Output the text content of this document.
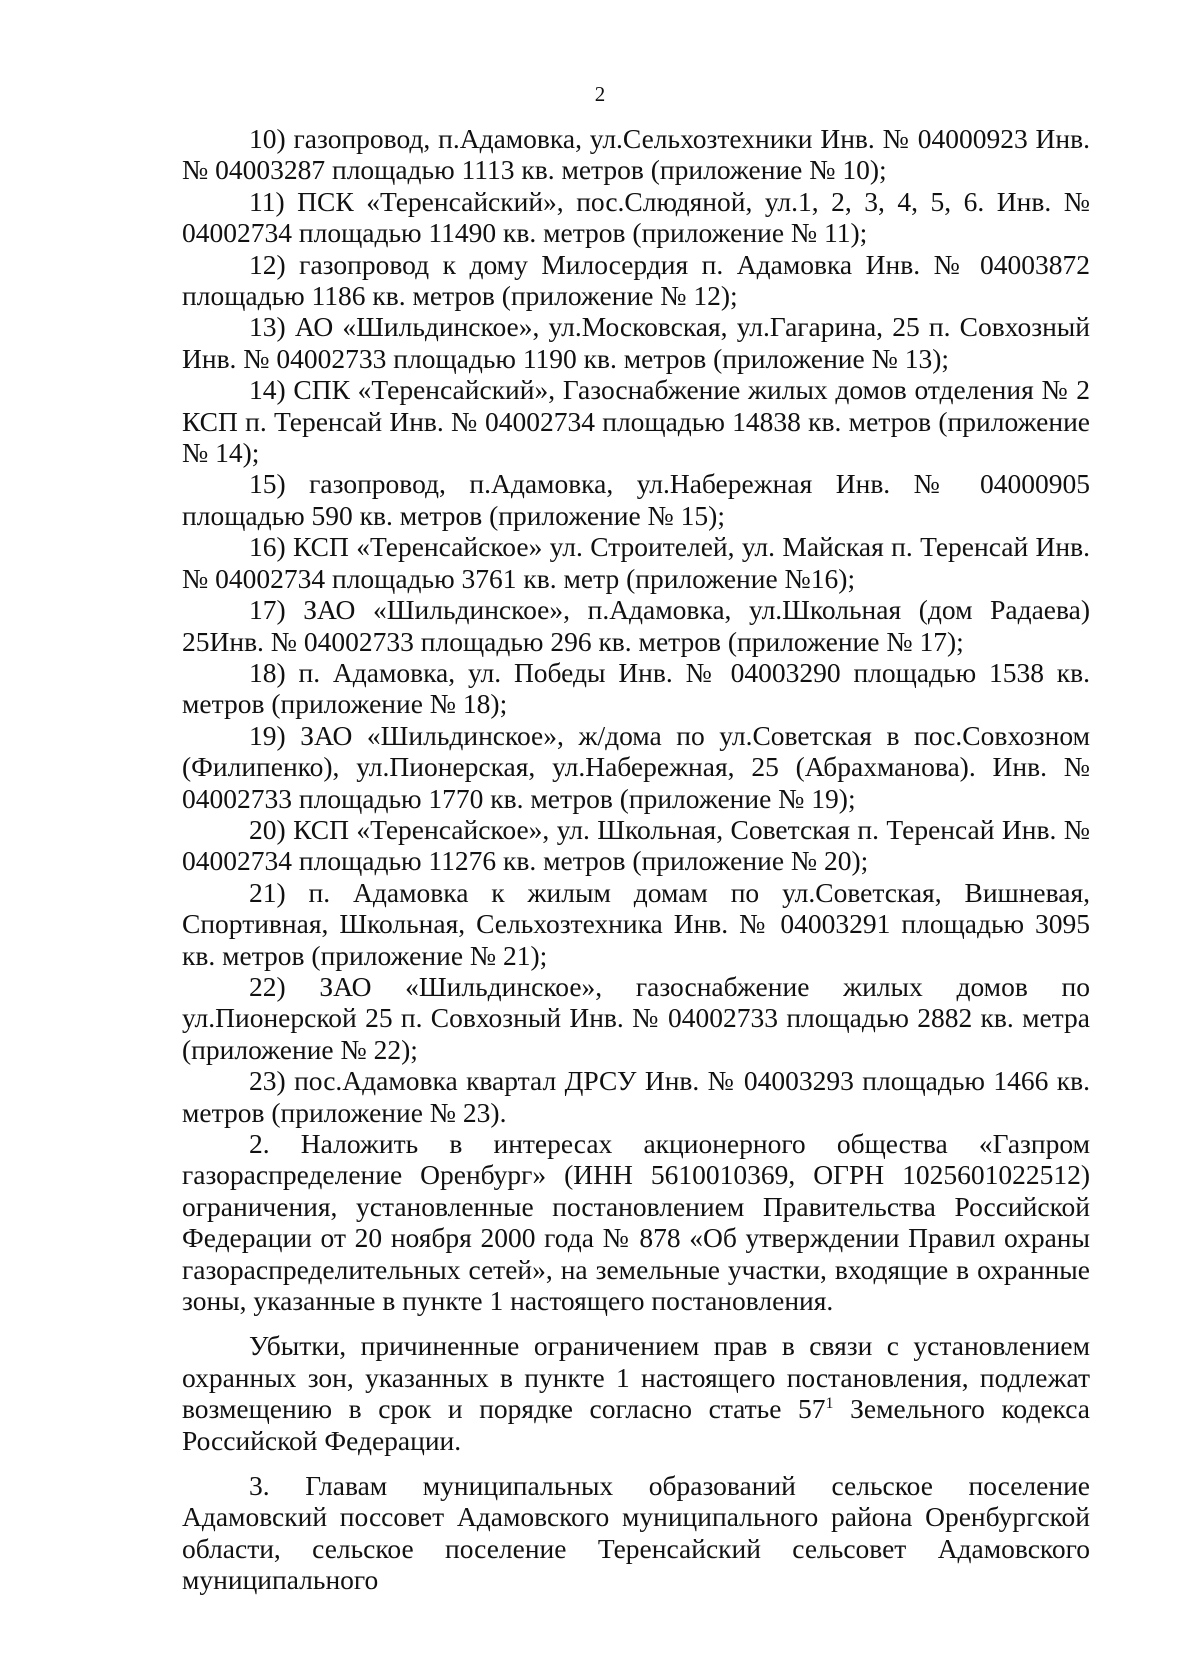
2

10) газопровод, п.Адамовка, ул.Сельхозтехники Инв. № 04000923 Инв. № 04003287 площадью 1113 кв. метров (приложение № 10);

11) ПСК «Теренсайский», пос.Слюдяной, ул.1, 2, 3, 4, 5, 6. Инв. № 04002734 площадью 11490 кв. метров (приложение № 11);

12) газопровод к дому Милосердия п. Адамовка Инв. № 04003872 площадью 1186 кв. метров (приложение № 12);

13) АО «Шильдинское», ул.Московская, ул.Гагарина, 25 п. Совхозный Инв. № 04002733 площадью 1190 кв. метров (приложение № 13);

14) СПК «Теренсайский», Газоснабжение жилых домов отделения № 2 КСП п. Теренсай Инв. № 04002734 площадью 14838 кв. метров (приложение № 14);

15) газопровод, п.Адамовка, ул.Набережная Инв. № 04000905 площадью 590 кв. метров (приложение № 15);

16) КСП «Теренсайское» ул. Строителей, ул. Майская п. Теренсай Инв. № 04002734 площадью 3761 кв. метр (приложение №16);

17) ЗАО «Шильдинское», п.Адамовка, ул.Школьная (дом Радаева) 25Инв. № 04002733 площадью 296 кв. метров (приложение № 17);

18) п. Адамовка, ул. Победы Инв. № 04003290 площадью 1538 кв. метров (приложение № 18);

19) ЗАО «Шильдинское», ж/дома по ул.Советская в пос.Совхозном (Филипенко), ул.Пионерская, ул.Набережная, 25 (Абрахманова). Инв. № 04002733 площадью 1770 кв. метров (приложение № 19);

20) КСП «Теренсайское», ул. Школьная, Советская п. Теренсай Инв. № 04002734 площадью 11276 кв. метров (приложение № 20);

21) п. Адамовка к жилым домам по ул.Советская, Вишневая, Спортивная, Школьная, Сельхозтехника Инв. № 04003291 площадью 3095 кв. метров (приложение № 21);

22) ЗАО «Шильдинское», газоснабжение жилых домов по ул.Пионерской 25 п. Совхозный Инв. № 04002733 площадью 2882 кв. метра (приложение № 22);

23) пос.Адамовка квартал ДРСУ Инв. № 04003293 площадью 1466 кв. метров (приложение № 23).

2. Наложить в интересах акционерного общества «Газпром газораспределение Оренбург» (ИНН 5610010369, ОГРН 1025601022512) ограничения, установленные постановлением Правительства Российской Федерации от 20 ноября 2000 года № 878 «Об утверждении Правил охраны газораспределительных сетей», на земельные участки, входящие в охранные зоны, указанные в пункте 1 настоящего постановления.

Убытки, причиненные ограничением прав в связи с установлением охранных зон, указанных в пункте 1 настоящего постановления, подлежат возмещению в срок и порядке согласно статье $57^1$ Земельного кодекса Российской Федерации.

3. Главам муниципальных образований сельское поселение Адамовский поссовет Адамовского муниципального района Оренбургской области, сельское поселение Теренсайский сельсовет Адамовского муниципального
